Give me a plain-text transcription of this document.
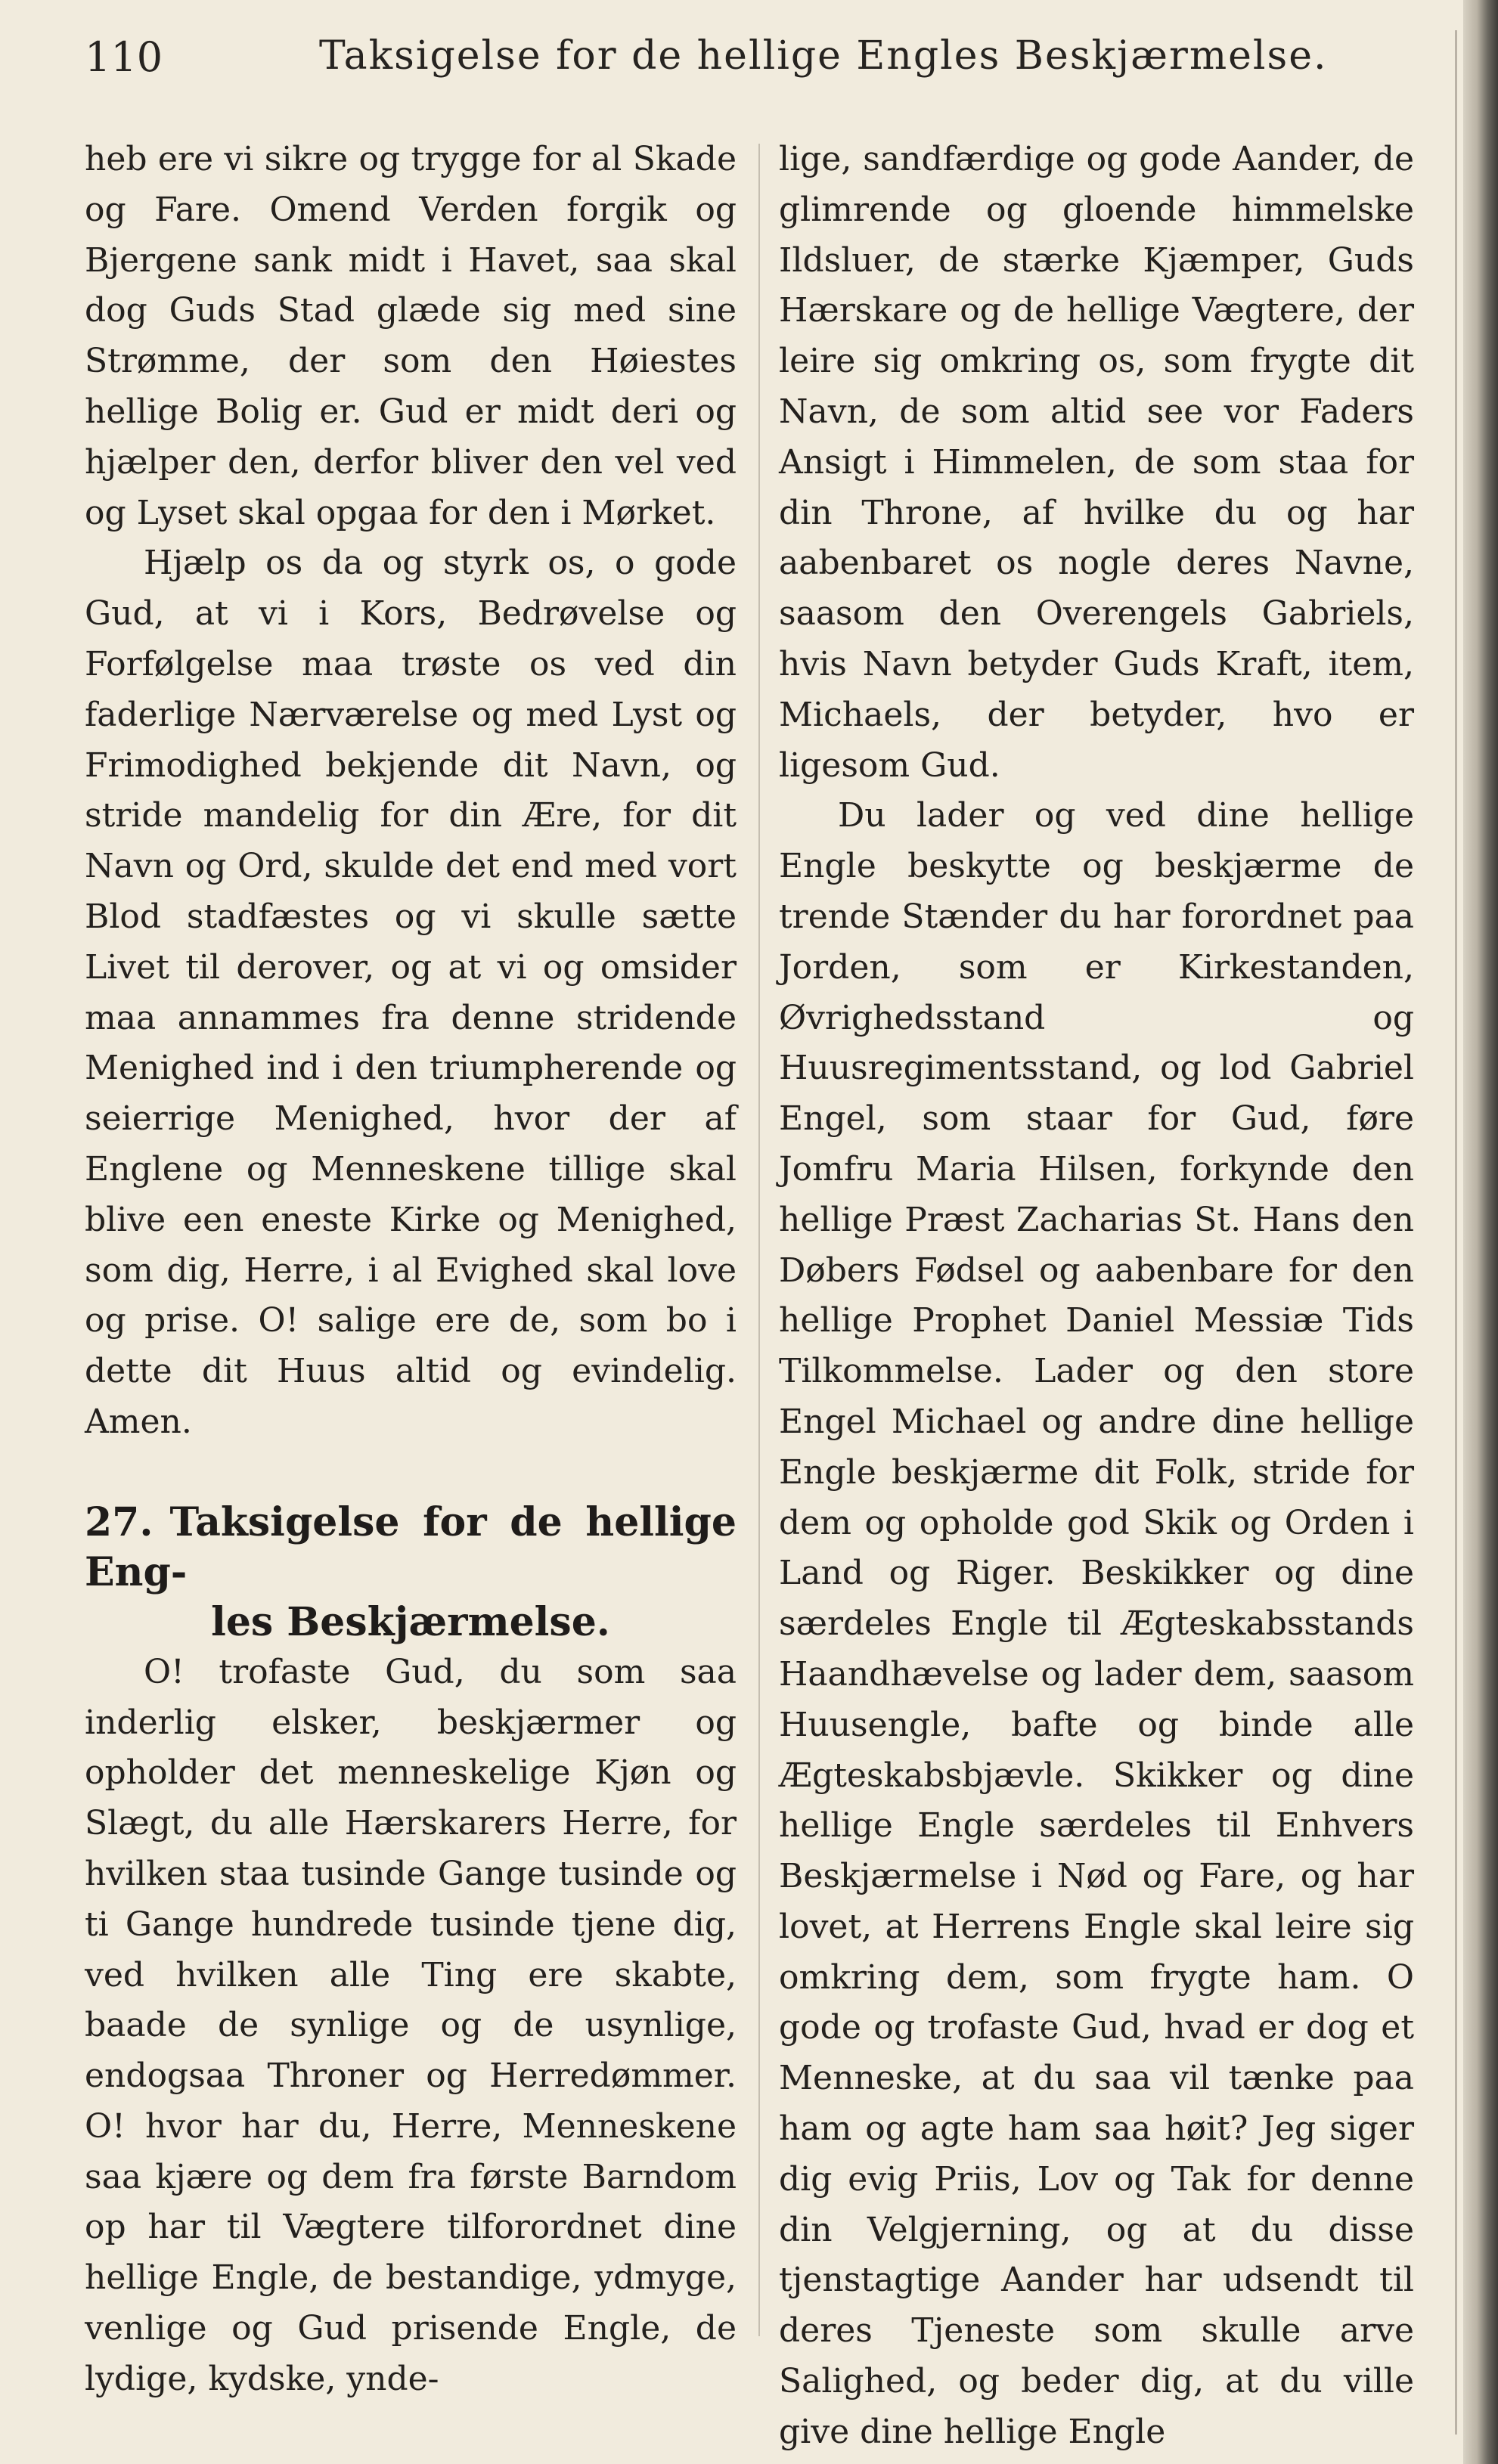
110	Taksigelse for de hellige Engles Beskjærmelse.

heb ere vi sikre og trygge for al Skade og Fare. Omend Verden forgik og Bjergene sank midt i Havet, saa skal dog Guds Stad glæde sig med sine Strømme, der som den Høiestes hellige Bolig er. Gud er midt deri og hjælper den, derfor bliver den vel ved og Lyset skal opgaa for den i Mørket.

Hjælp os da og styrk os, o gode Gud, at vi i Kors, Bedrøvelse og Forfølgelse maa trøste os ved din faderlige Nærværelse og med Lyst og Frimodighed bekjende dit Navn, og stride mandelig for din Ære, for dit Navn og Ord, skulde det end med vort Blod stadfæstes og vi skulle sætte Livet til derover, og at vi og omsider maa annammes fra denne stridende Menighed ind i den triumpherende og seierrige Menighed, hvor der af Englene og Menneskene tillige skal blive een eneste Kirke og Menighed, som dig, Herre, i al Evighed skal love og prise. O! salige ere de, som bo i dette dit Huus altid og evindelig. Amen.

27. Taksigelse for de hellige Eng-
les Beskjærmelse.

O! trofaste Gud, du som saa inderlig elsker, beskjærmer og opholder det menneskelige Kjøn og Slægt, du alle Hærskarers Herre, for hvilken staa tusinde Gange tusinde og ti Gange hundrede tusinde tjene dig, ved hvilken alle Ting ere skabte, baade de synlige og de usynlige, endogsaa Throner og Herredømmer. O! hvor har du, Herre, Menneskene saa kjære og dem fra første Barndom op har til Vægtere tilforordnet dine hellige Engle, de bestandige, ydmyge, venlige og Gud prisende Engle, de lydige, kydske, ynde-

lige, sandfærdige og gode Aander, de glimrende og gloende himmelske Ildsluer, de stærke Kjæmper, Guds Hærskare og de hellige Vægtere, der leire sig omkring os, som frygte dit Navn, de som altid see vor Faders Ansigt i Himmelen, de som staa for din Throne, af hvilke du og har aabenbaret os nogle deres Navne, saasom den Overengels Gabriels, hvis Navn betyder Guds Kraft, item, Michaels, der betyder, hvo er ligesom Gud.

Du lader og ved dine hellige Engle beskytte og beskjærme de trende Stænder du har forordnet paa Jorden, som er Kirkestanden, Øvrighedsstand og Huusregimentsstand, og lod Gabriel Engel, som staar for Gud, føre Jomfru Maria Hilsen, forkynde den hellige Præst Zacharias St. Hans den Døbers Fødsel og aabenbare for den hellige Prophet Daniel Messiæ Tids Tilkommelse. Lader og den store Engel Michael og andre dine hellige Engle beskjærme dit Folk, stride for dem og opholde god Skik og Orden i Land og Riger. Beskikker og dine særdeles Engle til Ægteskabsstands Haandhævelse og lader dem, saasom Huusengle, bafte og binde alle Ægteskabsbjævle. Skikker og dine hellige Engle særdeles til Enhvers Beskjærmelse i Nød og Fare, og har lovet, at Herrens Engle skal leire sig omkring dem, som frygte ham. O gode og trofaste Gud, hvad er dog et Menneske, at du saa vil tænke paa ham og agte ham saa høit? Jeg siger dig evig Priis, Lov og Tak for denne din Velgjerning, og at du disse tjenstagtige Aander har udsendt til deres Tjeneste som skulle arve Salighed, og beder dig, at du ville give dine hellige Engle
